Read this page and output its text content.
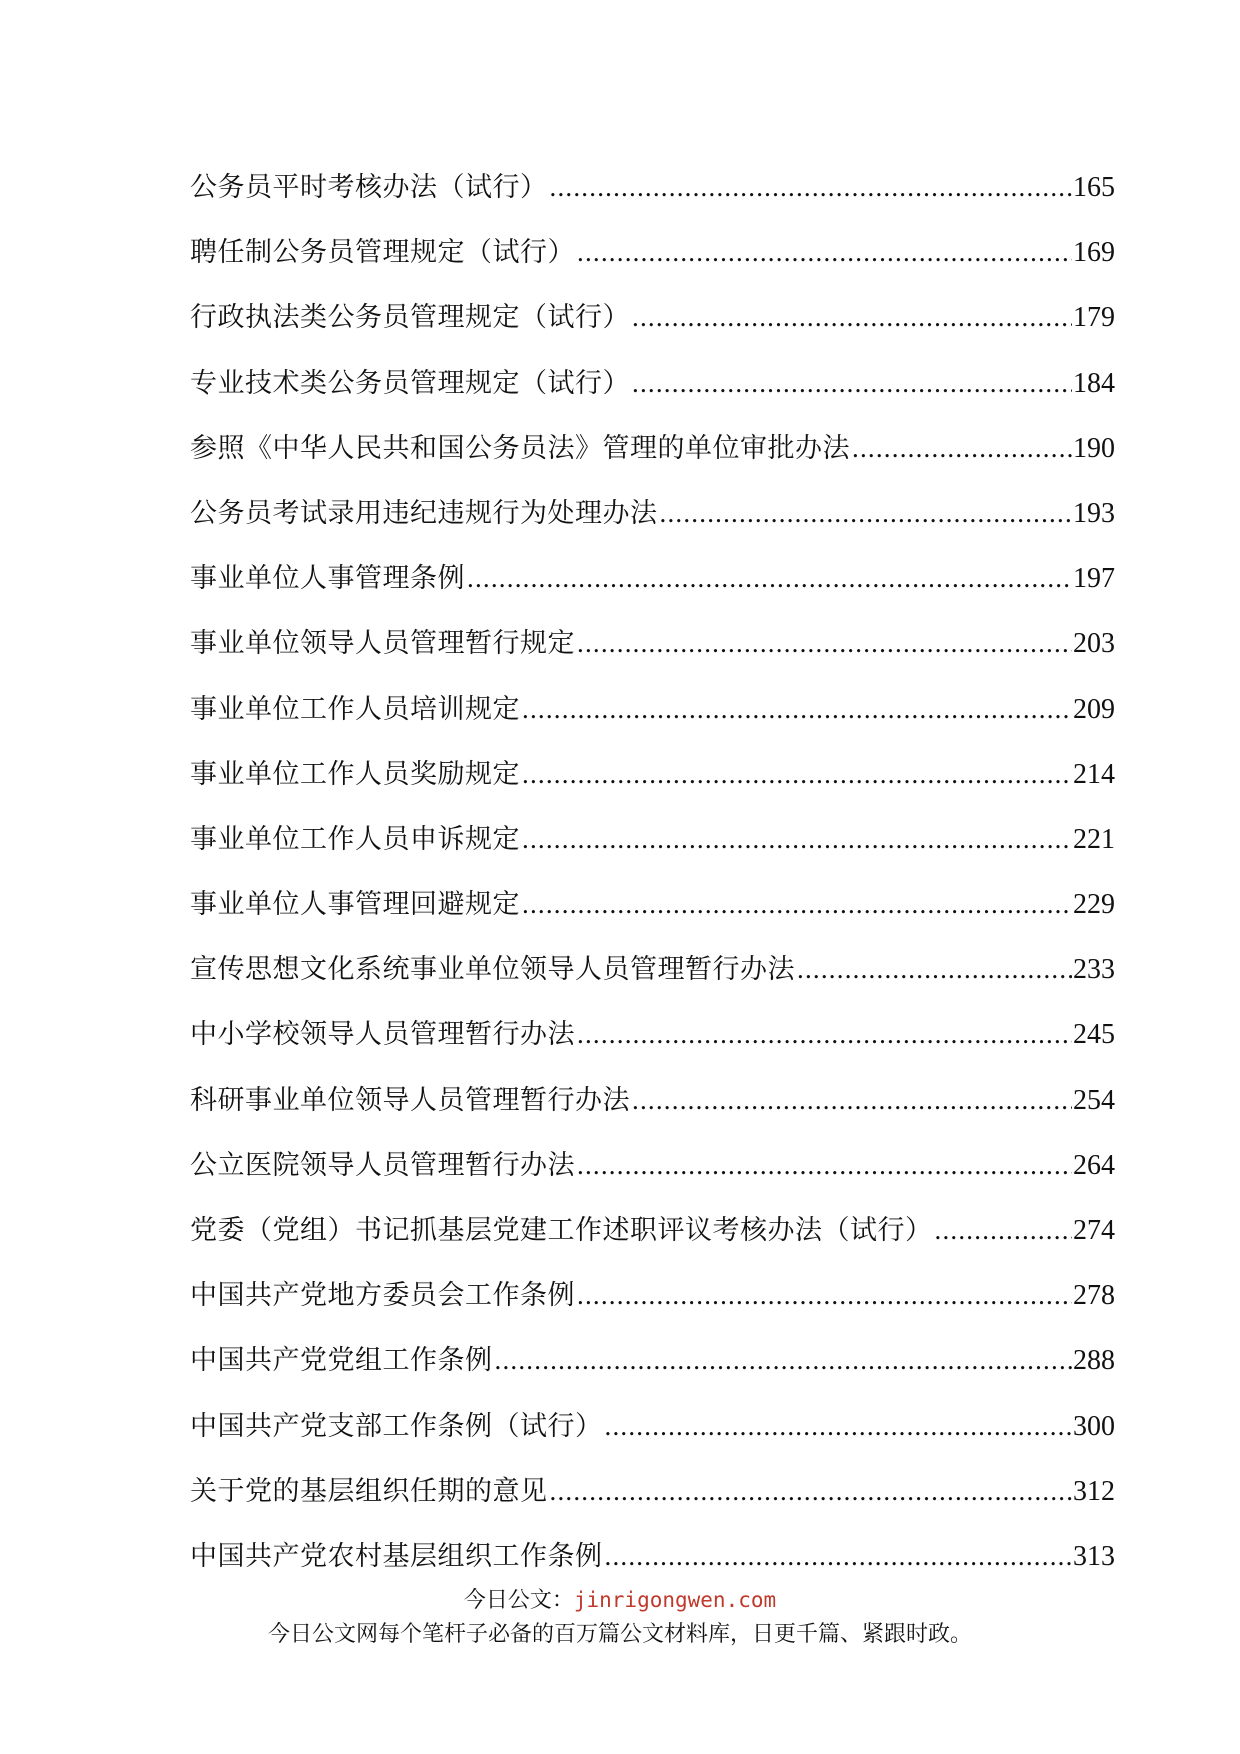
公务员平时考核办法（试行） .....	165
聘任制公务员管理规定（试行） .....	169
行政执法类公务员管理规定（试行） .....	179
专业技术类公务员管理规定（试行） .....	184
参照《中华人民共和国公务员法》管理的单位审批办法 .....	190
公务员考试录用违纪违规行为处理办法 .....	193
事业单位人事管理条例 .....	197
事业单位领导人员管理暂行规定 .....	203
事业单位工作人员培训规定 .....	209
事业单位工作人员奖励规定 .....	214
事业单位工作人员申诉规定 .....	221
事业单位人事管理回避规定 .....	229
宣传思想文化系统事业单位领导人员管理暂行办法 .....	233
中小学校领导人员管理暂行办法 .....	245
科研事业单位领导人员管理暂行办法 .....	254
公立医院领导人员管理暂行办法 .....	264
党委（党组）书记抓基层党建工作述职评议考核办法（试行） .....	274
中国共产党地方委员会工作条例 .....	278
中国共产党党组工作条例 .....	288
中国共产党支部工作条例（试行） .....	300
关于党的基层组织任期的意见 .....	312
中国共产党农村基层组织工作条例 .....	313
今日公文：jinrigongwen.com
今日公文网每个笔杆子必备的百万篇公文材料库，日更千篇、紧跟时政。
